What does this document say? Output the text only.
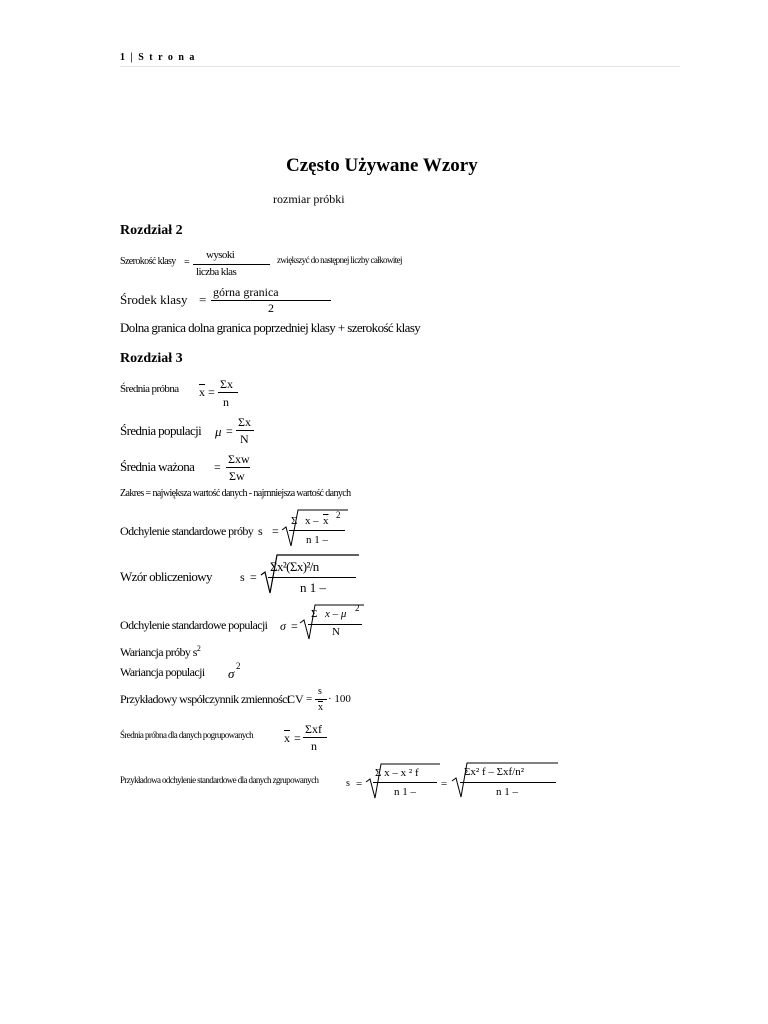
1 | S t r o n a
Często Używane Wzory
rozmiar próbki
Rozdział 2
Szerokość klasy =
wysoki
liczba klas
zwiększyć do następnej liczby całkowitej
Środek klasy = górna granica
2
Dolna granica dolna granica poprzedniej klasy + szerokość klasy
Rozdział 3
Średnia próbna $\overline{x}$ =
Σx
n
Średnia populacji μ =
Σx
N
Średnia ważona =
Σxw
Σw
Zakres = największa wartość danych - najmniejsza wartość danych
Odchylenie standardowe próby s =
Σ x – $\overline{x}$ 2
n 1 –
Wzór obliczeniowy s =
Σx²(Σx)²/n
n 1 –
Odchylenie standardowe populacji σ =
Σ x – μ 2
N
Wariancja próby $s^2$
Wariancja populacji σ 2
Przykładowy współczynnik zmienności
CV =
s
$\overline{x}$
· 100
Średnia próbna dla danych pogrupowanych	$\overline{x}$ =
Σxf
n
Przykładowa odchylenie standardowe dla danych zgrupowanych	s =
Σ x – x ² f
n 1 –
=
Σx² f – Σxf/n²
n 1 –
